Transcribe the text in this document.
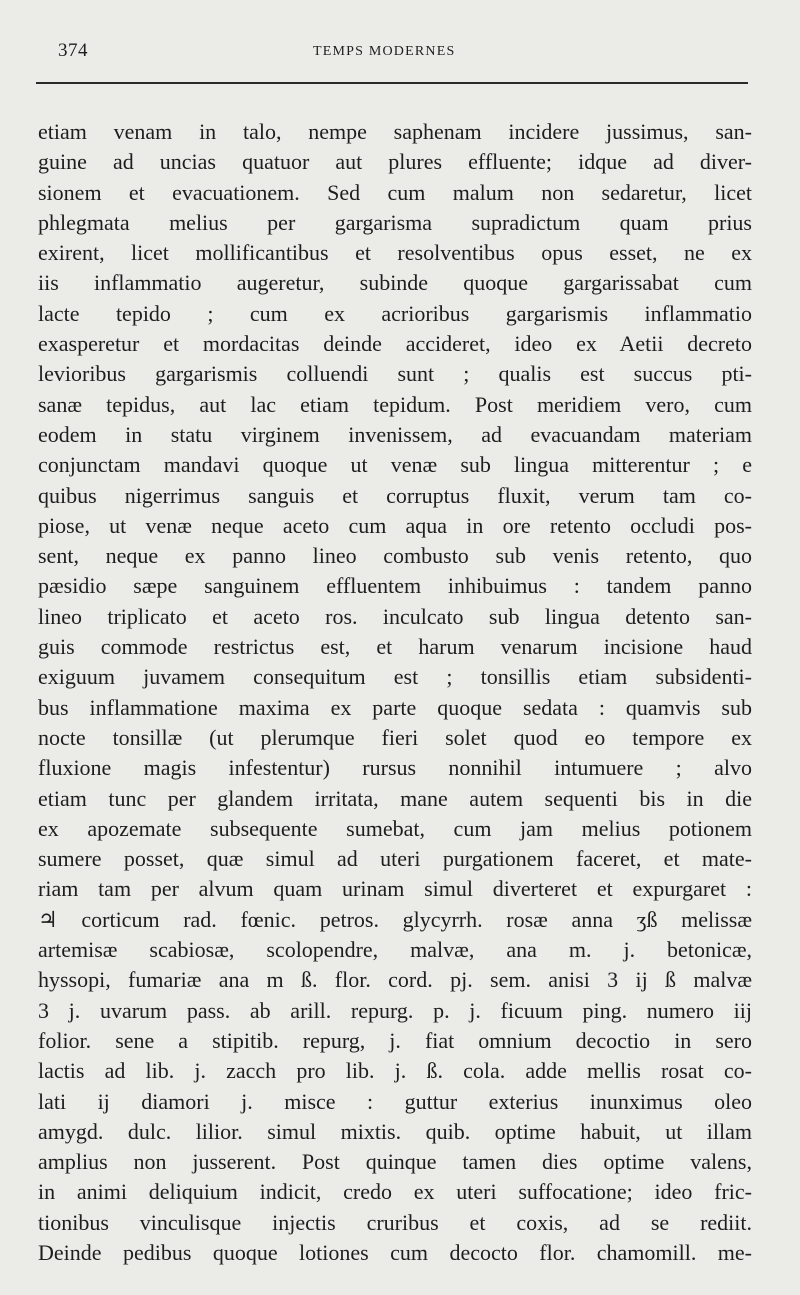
374	TEMPS MODERNES
etiam venam in talo, nempe saphenam incidere jussimus, san-
guine ad uncias quatuor aut plures effluente; idque ad diver-
sionem et evacuationem. Sed cum malum non sedaretur, licet
phlegmata melius per gargarisma supradictum quam prius
exirent, licet mollificantibus et resolventibus opus esset, ne ex
iis inflammatio augeretur, subinde quoque gargarissabat cum
lacte tepido ; cum ex acrioribus gargarismis inflammatio
exasperetur et mordacitas deinde accideret, ideo ex Aetii decreto
levioribus gargarismis colluendi sunt ; qualis est succus pti-
sanæ tepidus, aut lac etiam tepidum. Post meridiem vero, cum
eodem in statu virginem invenissem, ad evacuandam materiam
conjunctam mandavi quoque ut venæ sub lingua mitterentur ; e
quibus nigerrimus sanguis et corruptus fluxit, verum tam co-
piose, ut venæ neque aceto cum aqua in ore retento occludi pos-
sent, neque ex panno lineo combusto sub venis retento, quo
pæsidio sæpe sanguinem effluentem inhibuimus : tandem panno
lineo triplicato et aceto ros. inculcato sub lingua detento san-
guis commode restrictus est, et harum venarum incisione haud
exiguum juvamem consequitum est ; tonsillis etiam subsidenti-
bus inflammatione maxima ex parte quoque sedata : quamvis sub
nocte tonsillæ (ut plerumque fieri solet quod eo tempore ex
fluxione magis infestentur) rursus nonnihil intumuere ; alvo
etiam tunc per glandem irritata, mane autem sequenti bis in die
ex apozemate subsequente sumebat, cum jam melius potionem
sumere posset, quæ simul ad uteri purgationem faceret, et mate-
riam tam per alvum quam urinam simul diverteret et expurgaret :
♃ corticum rad. fœnic. petros. glycyrrh. rosæ anna ʒß melissæ
artemisæ scabiosæ, scolopendre, malvæ, ana m. j. betonicæ,
hyssopi, fumariæ ana m ß. flor. cord. pj. sem. anisi 3 ij ß malvæ
3 j. uvarum pass. ab arill. repurg. p. j. ficuum ping. numero iij
folior. sene a stipitib. repurg, j. fiat omnium decoctio in sero
lactis ad lib. j. zacch pro lib. j. ß. cola. adde mellis rosat co-
lati ij diamori j. misce : guttur exterius inunximus oleo
amygd. dulc. lilior. simul mixtis. quib. optime habuit, ut illam
amplius non jusserent. Post quinque tamen dies optime valens,
in animi deliquium indicit, credo ex uteri suffocatione; ideo fric-
tionibus vinculisque injectis cruribus et coxis, ad se rediit.
Deinde pedibus quoque lotiones cum decocto flor. chamomill. me-
